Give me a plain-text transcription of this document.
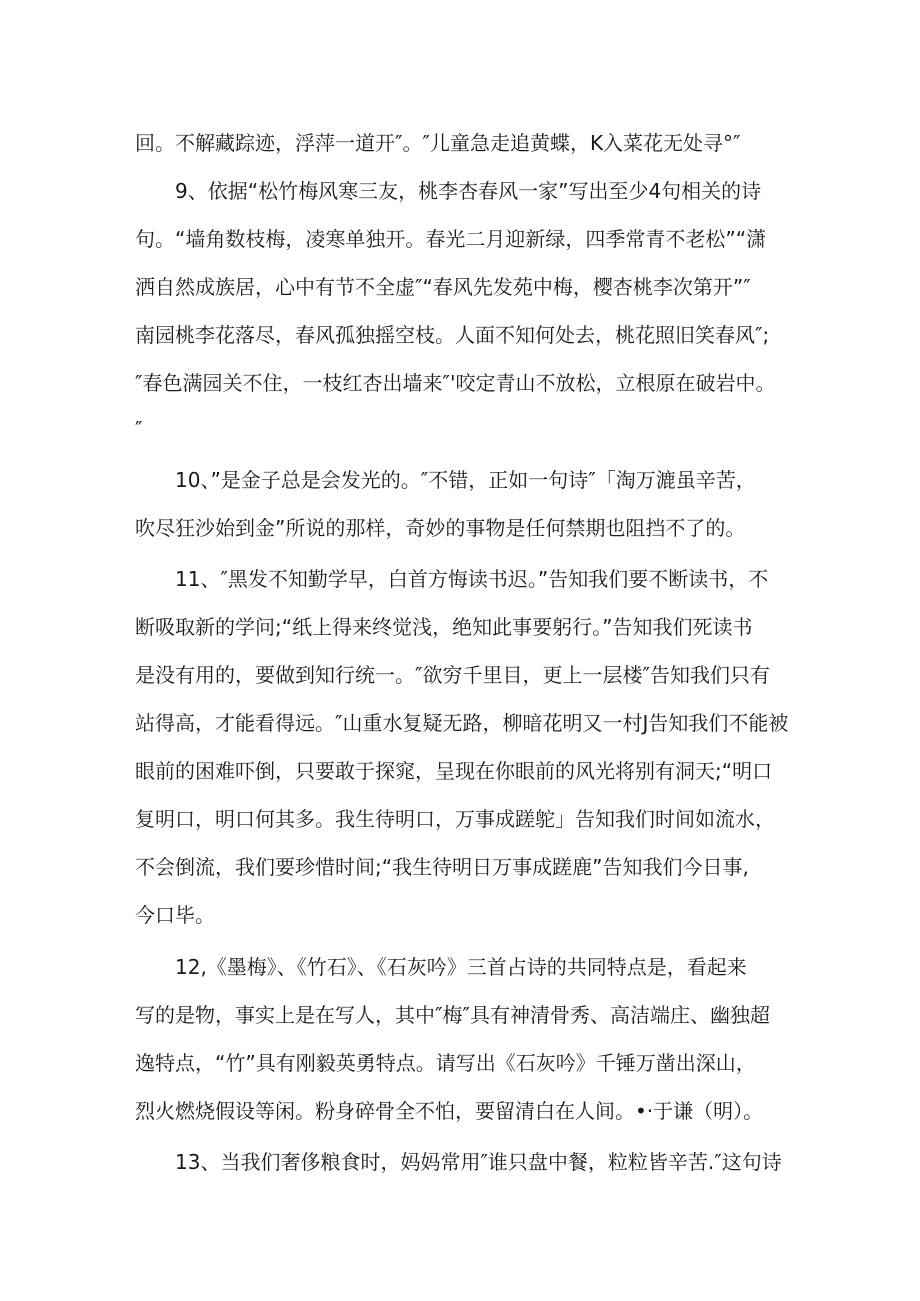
回。不解藏踪迹，浮萍一道开″。″儿童急走追黄蝶，K入菜花无处寻°″
9、依据“松竹梅风寒三友，桃李杏春风一家”写出至少4句相关的诗
句。“墙角数枝梅，凌寒单独开。春光二月迎新绿，四季常青不老松”“潇
洒自然成族居，心中有节不全虚″“春风先发苑中梅，樱杏桃李次第开”″
南园桃李花落尽，春风孤独摇空枝。人面不知何处去，桃花照旧笑春风″;
″春色满园关不住，一枝红杏出墙来″'咬定青山不放松，立根原在破岩中。
″
10、”是金子总是会发光的。″不错，正如一句诗″「淘万漉虽辛苦，
吹尽狂沙始到金”所说的那样，奇妙的事物是任何禁期也阻挡不了的。
11、″黑发不知勤学早，白首方悔读书迟。”告知我们要不断读书，不
断吸取新的学问;“纸上得来终觉浅，绝知此事要躬行。”告知我们死读书
是没有用的，要做到知行统一。″欲穷千里目，更上一层楼″告知我们只有
站得高，才能看得远。″山重水复疑无路，柳暗花明又一村J告知我们不能被
眼前的困难吓倒，只要敢于探窕，呈现在你眼前的风光将别有洞天;“明口
复明口，明口何其多。我生待明口，万事成蹉鸵」告知我们时间如流水，
不会倒流，我们要珍惜时间;“我生待明日万事成蹉鹿”告知我们今日事,
今口毕。
12,《墨梅》、《竹石》、《石灰吟》三首占诗的共同特点是，看起来
写的是物，事实上是在写人，其中″梅″具有神清骨秀、高洁端庄、幽独超
逸特点，“竹”具有刚毅英勇特点。请写出《石灰吟》千锤万凿出深山，
烈火燃烧假设等闲。粉身碎骨全不怕，要留清白在人间。•·于谦（明）。
13、当我们奢侈粮食时，妈妈常用″谁只盘中餐，粒粒皆辛苦.″这句诗
